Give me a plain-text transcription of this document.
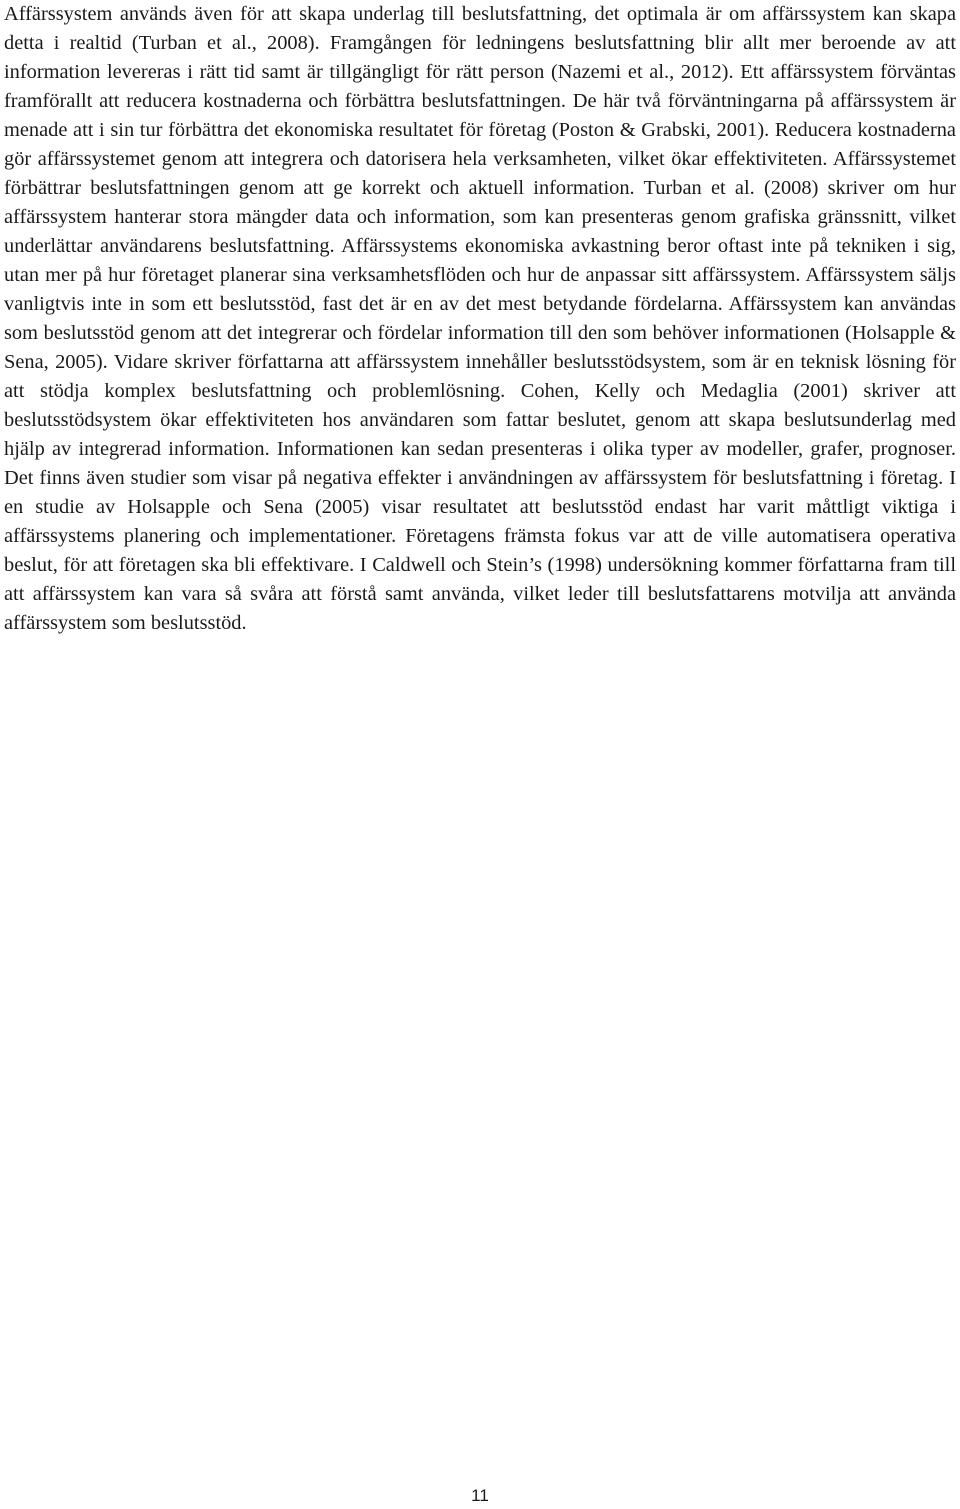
Affärssystem används även för att skapa underlag till beslutsfattning, det optimala är om affärssystem kan skapa detta i realtid (Turban et al., 2008). Framgången för ledningens beslutsfattning blir allt mer beroende av att information levereras i rätt tid samt är tillgängligt för rätt person (Nazemi et al., 2012). Ett affärssystem förväntas framförallt att reducera kostnaderna och förbättra beslutsfattningen. De här två förväntningarna på affärssystem är menade att i sin tur förbättra det ekonomiska resultatet för företag (Poston & Grabski, 2001). Reducera kostnaderna gör affärssystemet genom att integrera och datorisera hela verksamheten, vilket ökar effektiviteten. Affärssystemet förbättrar beslutsfattningen genom att ge korrekt och aktuell information. Turban et al. (2008) skriver om hur affärssystem hanterar stora mängder data och information, som kan presenteras genom grafiska gränssnitt, vilket underlättar användarens beslutsfattning. Affärssystems ekonomiska avkastning beror oftast inte på tekniken i sig, utan mer på hur företaget planerar sina verksamhetsflöden och hur de anpassar sitt affärssystem. Affärssystem säljs vanligtvis inte in som ett beslutsstöd, fast det är en av det mest betydande fördelarna. Affärssystem kan användas som beslutsstöd genom att det integrerar och fördelar information till den som behöver informationen (Holsapple & Sena, 2005). Vidare skriver författarna att affärssystem innehåller beslutsstödsystem, som är en teknisk lösning för att stödja komplex beslutsfattning och problemlösning. Cohen, Kelly och Medaglia (2001) skriver att beslutsstödsystem ökar effektiviteten hos användaren som fattar beslutet, genom att skapa beslutsunderlag med hjälp av integrerad information. Informationen kan sedan presenteras i olika typer av modeller, grafer, prognoser. Det finns även studier som visar på negativa effekter i användningen av affärssystem för beslutsfattning i företag. I en studie av Holsapple och Sena (2005) visar resultatet att beslutsstöd endast har varit måttligt viktiga i affärssystems planering och implementationer. Företagens främsta fokus var att de ville automatisera operativa beslut, för att företagen ska bli effektivare. I Caldwell och Stein’s (1998) undersökning kommer författarna fram till att affärssystem kan vara så svåra att förstå samt använda, vilket leder till beslutsfattarens motvilja att använda affärssystem som beslutsstöd.

11
